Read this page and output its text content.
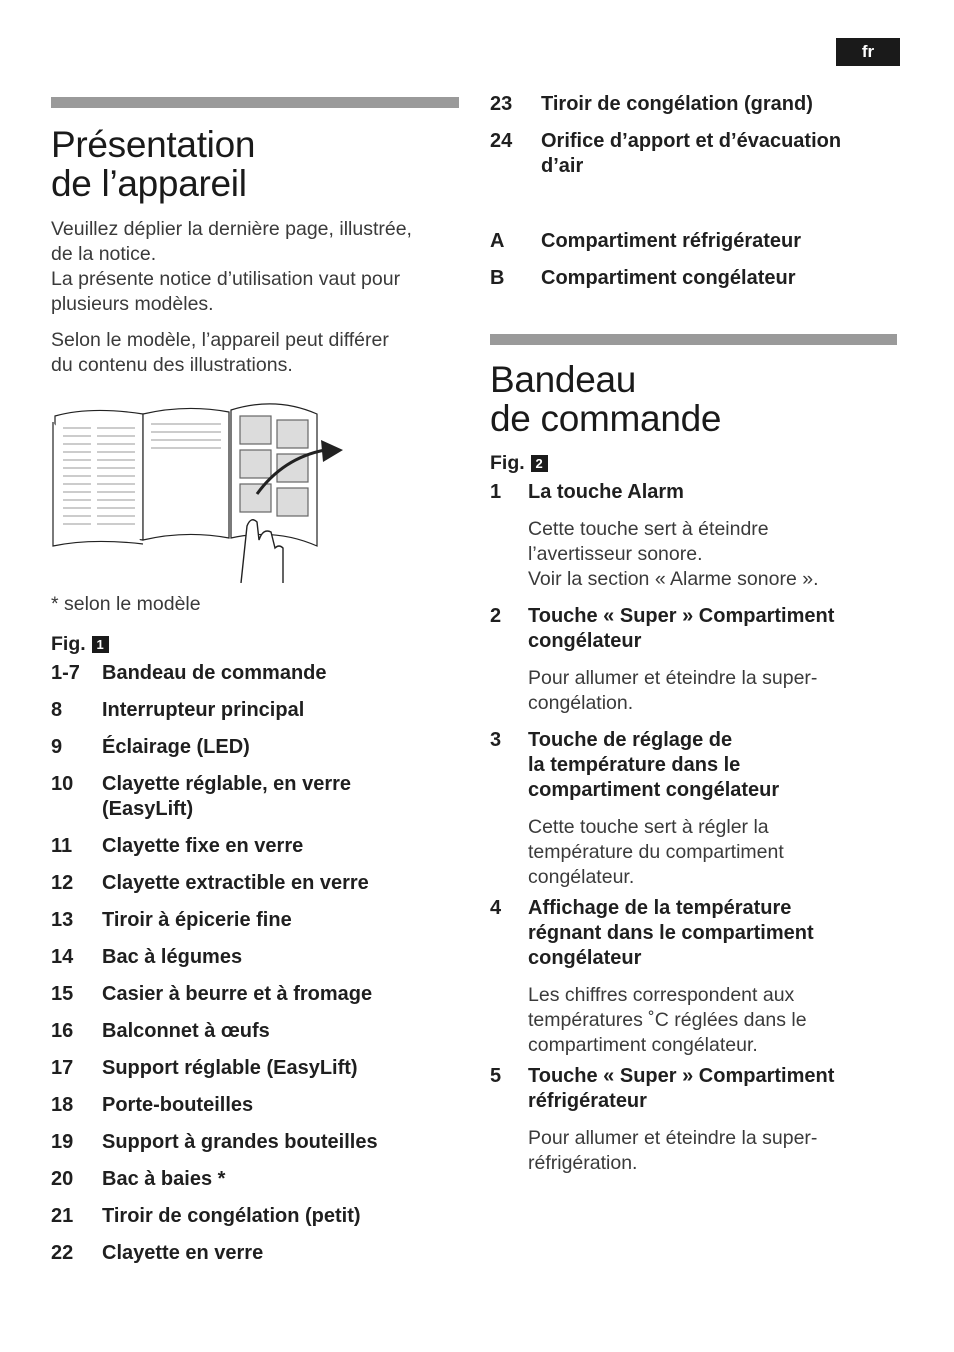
fr
Présentation
de l’appareil

Veuillez déplier la dernière page, illustrée,

de la notice.

La présente notice d’utilisation vaut pour

plusieurs modèles.

Selon le modèle, l’appareil peut différer

du contenu des illustrations.

* selon le modèle
Fig. 1
1-7	Bandeau de commande
8	Interrupteur principal
9	Éclairage (LED)
10	Clayette réglable, en verre
(EasyLift)
11	Clayette fixe en verre
12	Clayette extractible en verre
13	Tiroir à épicerie fine
14	Bac à légumes
15	Casier à beurre et à fromage
16	Balconnet à œufs
17	Support réglable (EasyLift)
18	Porte-bouteilles
19	Support à grandes bouteilles
20	Bac à baies *
21	Tiroir de congélation (petit)
22	Clayette en verre
23	Tiroir de congélation (grand)
24	Orifice d’apport et d’évacuation
d’air
A	Compartiment réfrigérateur
B	Compartiment congélateur
Bandeau
de commande
Fig. 2
1	La touche Alarm

Cette touche sert à éteindre

l’avertisseur sonore.

Voir la section « Alarme sonore ».

2	Touche « Super » Compartiment
congélateur

Pour allumer et éteindre la super-

congélation.

3	Touche de réglage de
la température dans le
compartiment congélateur

Cette touche sert à régler la

température du compartiment

congélateur.

4	Affichage de la température
régnant dans le compartiment
congélateur

Les chiffres correspondent aux

températures ˚C réglées dans le

compartiment congélateur.

5	Touche « Super » Compartiment
réfrigérateur

Pour allumer et éteindre la super-

réfrigération.
